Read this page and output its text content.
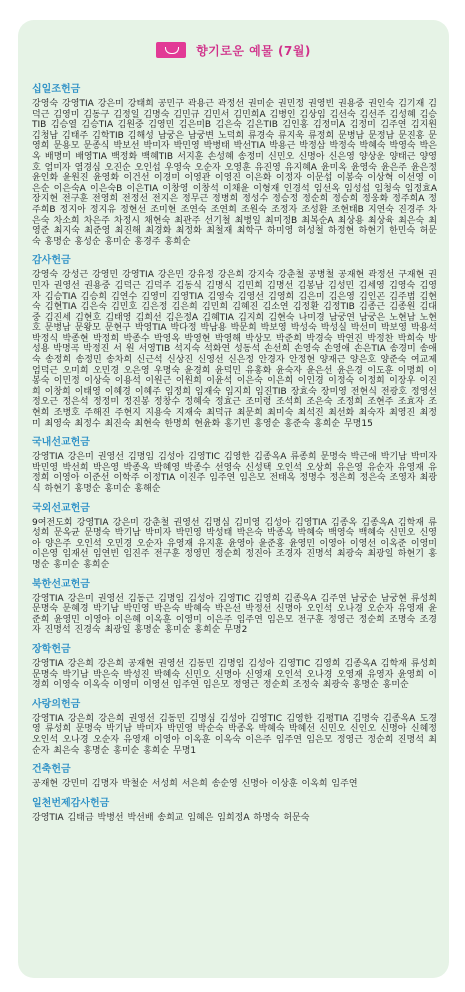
향기로운 예물 (7월)
십일조헌금
강영숙 강영TIA 강은미 강태희 공민구 곽용근 곽정선 권미순 권민정 권영빈 권용중 권인숙 김기재 김덕근 김영미 김동구 김정일 김명숙 김민규 김민서 김민희A 김병인 김상임 김선숙 김선주 김성혜 김승TIB 김승열 김승TIA 김원중 김영민 김은미B 김은숙 김은TIB 김인홍 김정미A 김정미 김주연 김지원 김청남 김태주 김학TIB 김해성 남궁은 남궁변 노덕희 류경숙 류지욱 류정희 문병남 문정남 문진홍 문영희 문용모 문종식 박보선 박미자 박민영 박병태 박선TIA 박용근 박정삼 박정숙 박혜숙 박영숙 박은옥 배명미 배영TIA 백정화 백혜TIB 서지훈 손성혜 송정미 신민오 신명아 신은영 양상운 양태근 양영호 엄미자 염경심 오진순 오인섭 우영숙 오순자 오영훈 유진영 유지혜A 윤미옥 윤영숙 윤은주 윤은정 윤인화 윤원진 윤영화 이건선 이경미 이영관 이영진 이은화 이정자 이문섭 이봉숙 이상혁 이선영 이은순 이은숙A 이은숙B 이은TIA 이창영 이창석 이채윤 이형재 인경석 임선옥 임성섭 임청숙 임정효A 장지현 전구훈 전영희 전정선 전지은 정무근 정병희 정성수 정승정 정순희 정승희 정웅화 정주희A 정주희B 정지아 정지유 정현선 조미현 조연숙 조연희 조원숙 조정자 조성환 조현태B 지연숙 진경주 차은숙 차소희 차은주 차정시 채현숙 최관주 선기철 최병일 최미정B 최복순A 최상용 최상육 최은숙 최영준 최지숙 최준영 최진해 최경화 최정화 최철재 최학구 하미영 허성철 하정현 하현기 한민숙 허문숙 홍명순 홍성순 홍미순 홍경주 홍희순
감사헌금
강영숙 강성근 강영민 강영TIA 강은민 강유정 강은희 강지숙 강춘철 공병철 공재현 곽정선 구재현 권민자 권영선 권용중 김덕근 김덕주 김동식 김명식 김민희 김명선 김봉남 김성민 김세영 김영숙 김영자 김승TIA 김승희 김연수 김영미 김영TIA 김영숙 김영선 김영희 김은미 김은영 김인곤 김주범 김현숙 김현TIA 김은숙 김민호 김은정 김은희 김민희 김혜진 김소연 김정환 김정TIB 김종근 김종원 김대중 김진세 김현호 김태영 김희선 김은정A 김혜TIA 김지희 김현숙 나미경 남궁연 남궁은 노현남 노현호 문병남 문왕모 문현구 박영TIA 박다정 박남용 박문희 박보영 박성숙 박성실 박선미 박보영 박용석 박정식 박종현 박정희 박종수 박영옥 박영현 박영해 박상모 박준희 박경숙 박연진 박정찬 박희숙 방성용 박명곡 박정진 서 원 서영TIB 석지숙 석화연 성동석 손선희 손영숙 손영애 손은TIA 송경미 송애숙 송정희 송정민 송차희 신근석 신상진 신영선 신은정 안경자 안정현 양재근 양은호 양준숙 여교제 엄덕근 오미희 오민경 오은영 우명숙 윤경희 윤덕민 유홍화 윤숙자 윤은선 윤은경 이도훈 이명희 이봉숙 이민정 이상숙 이용석 이원근 이원희 이윤석 이은숙 이은희 이인경 이정숙 이정희 이장우 이진희 이창희 이태영 이혜경 이혜주 임정희 임재숙 임지희 임진TIB 장효숙 장미영 전현식 전광호 정영선 정오근 정은석 정정미 정진봉 정창수 정혜숙 정효근 조미령 조석희 조은숙 조정희 조현주 조효자 조현희 조병호 주해진 주현지 지용숙 지재숙 최덕규 최문희 최미숙 최석진 최선화 최숙자 최영진 최정미 최영숙 최정수 최진숙 최현숙 한명희 현윤화 홍기빈 홍영순 홍준숙 홍희순 무명15
국내선교헌금
강영TIA 강은미 권영선 김명임 김성아 김영TIC 김영한 김종옥A 류종희 문명숙 박근애 박기남 박미자 박민영 박선희 박은영 박종옥 박혜영 박종수 선영숙 신성택 오인석 오상희 유은영 유순자 유영재 유정희 이영아 이준선 이학주 이정TIA 이진주 임주연 임은모 전태옥 정명수 정은희 정은숙 조영자 최광식 하현기 홍명순 홍미순 홍해순
국외선교헌금
9여전도회 강영TIA 강은미 강춘철 권영선 김명심 김미영 김성아 김영TIA 김종옥 김종옥A 김학재 류성희 문옥균 문명숙 박기남 박미자 박민영 박성태 박은숙 박종옥 박혜숙 백영숙 백혜숙 신민오 신영아 양은주 오인석 오민경 오순자 유영재 유지훈 윤영아 윤준홍 윤영민 이영아 이영선 이옥준 이영미 이은영 임재선 임연빈 임진주 전구훈 정영민 정순희 정진아 조경자 진명석 최광숙 최광일 하현기 홍명순 홍미순 홍희순
북한선교헌금
강영TIA 강은미 권영선 김동근 김명임 김성아 김영TIC 김영희 김종옥A 김주연 남궁순 남궁현 류성희 문명숙 문혜경 박기남 박민영 박은숙 박혜숙 박은선 박정선 신명아 오인석 오나경 오순자 유영재 윤준희 윤영민 이영아 이은혜 이옥훈 이영미 이은주 임주연 임은모 전구훈 정영근 정순희 조명숙 조경자 진명석 진경숙 최광일 홍명순 홍미순 홍희순 무명2
장학헌금
강영TIA 강은희 강은희 공재현 권영선 김동민 김명임 김성아 김영TIC 김영희 김종옥A 김학재 류성희 문명숙 박기남 박은숙 박성진 박혜숙 신민오 신명아 신영재 오인석 오나경 오영재 유영자 윤영희 이경희 이영숙 이옥숙 이영미 이영선 임주연 임은모 정영근 정순희 조정숙 최광숙 홍명순 홍미순
사랑의헌금
강영TIA 강은희 강은희 권영선 김동민 김명심 김성아 김영TIC 김영한 김평TIA 김명숙 김종옥A 도경영 류성희 문명숙 박기남 박미자 박민영 박순숙 박종옥 박혜숙 박혜선 신민오 신인오 신명아 신혜정 오인석 오나경 오순자 유영재 이영아 이옥훈 이옥숙 이은주 임주연 임은모 정영근 정순희 진명석 최순자 최은숙 홍명순 홍미순 홍희순 무명1
건축헌금
공재현 강민미 김명자 박철순 서성희 서은희 송순영 신명아 이상훈 이옥희 임주연
일천번제감사헌금
강영TIA 김태금 박병선 박선배 송희교 임혜은 임희정A 하명숙 허문숙
